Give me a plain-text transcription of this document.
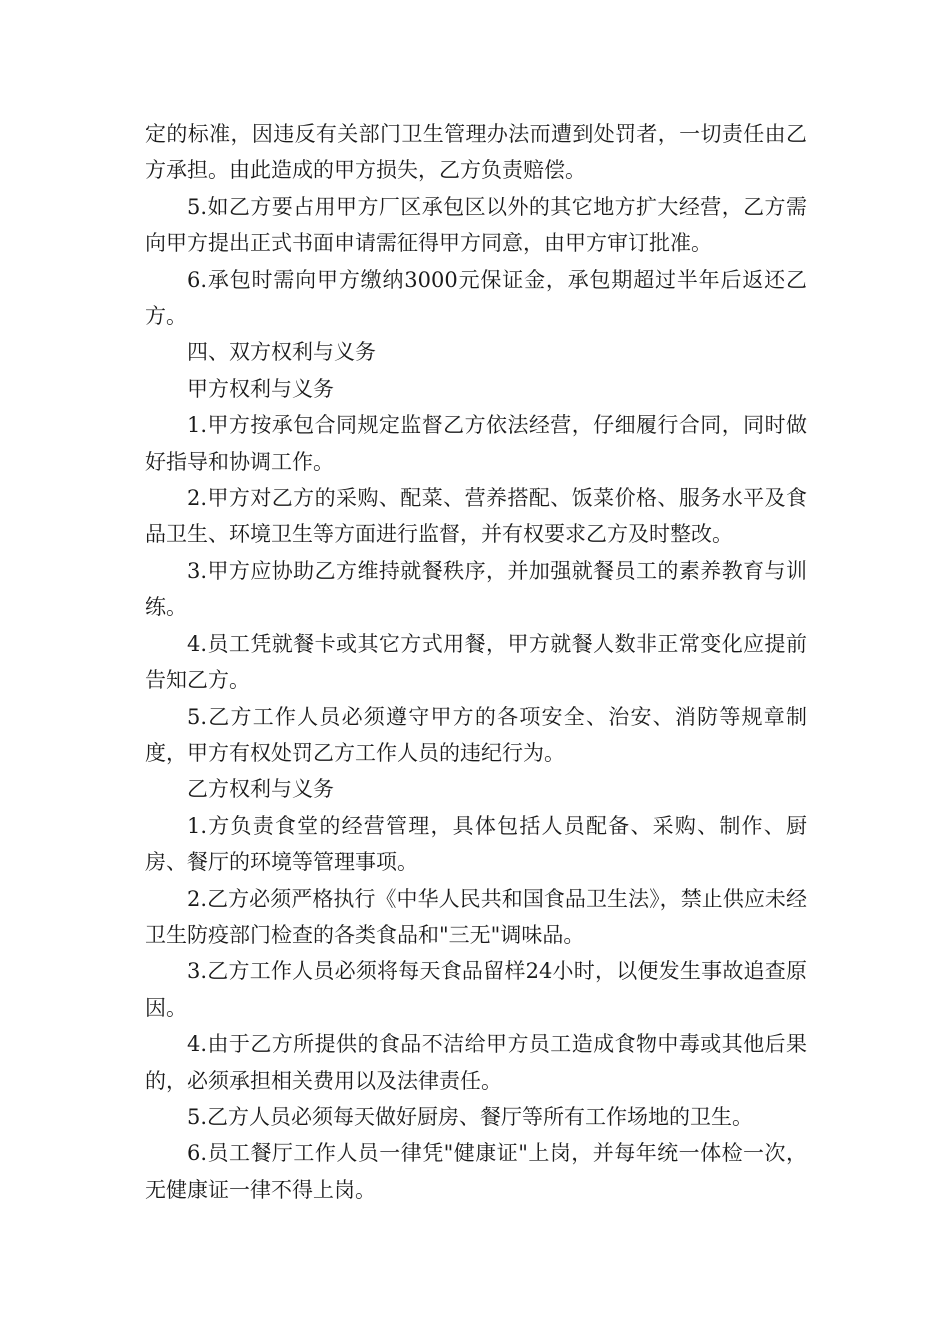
定的标准，因违反有关部门卫生管理办法而遭到处罚者，一切责任由乙方承担。由此造成的甲方损失，乙方负责赔偿。

5.如乙方要占用甲方厂区承包区以外的其它地方扩大经营，乙方需向甲方提出正式书面申请需征得甲方同意，由甲方审订批准。

6.承包时需向甲方缴纳3000元保证金，承包期超过半年后返还乙方。

四、双方权利与义务

甲方权利与义务

1.甲方按承包合同规定监督乙方依法经营，仔细履行合同，同时做好指导和协调工作。

2.甲方对乙方的采购、配菜、营养搭配、饭菜价格、服务水平及食品卫生、环境卫生等方面进行监督，并有权要求乙方及时整改。

3.甲方应协助乙方维持就餐秩序，并加强就餐员工的素养教育与训练。

4.员工凭就餐卡或其它方式用餐，甲方就餐人数非正常变化应提前告知乙方。

5.乙方工作人员必须遵守甲方的各项安全、治安、消防等规章制度，甲方有权处罚乙方工作人员的违纪行为。

乙方权利与义务

1.方负责食堂的经营管理，具体包括人员配备、采购、制作、厨房、餐厅的环境等管理事项。

2.乙方必须严格执行《中华人民共和国食品卫生法》，禁止供应未经卫生防疫部门检查的各类食品和"三无"调味品。

3.乙方工作人员必须将每天食品留样24小时，以便发生事故追查原因。

4.由于乙方所提供的食品不洁给甲方员工造成食物中毒或其他后果的，必须承担相关费用以及法律责任。

5.乙方人员必须每天做好厨房、餐厅等所有工作场地的卫生。

6.员工餐厅工作人员一律凭"健康证"上岗，并每年统一体检一次，无健康证一律不得上岗。
